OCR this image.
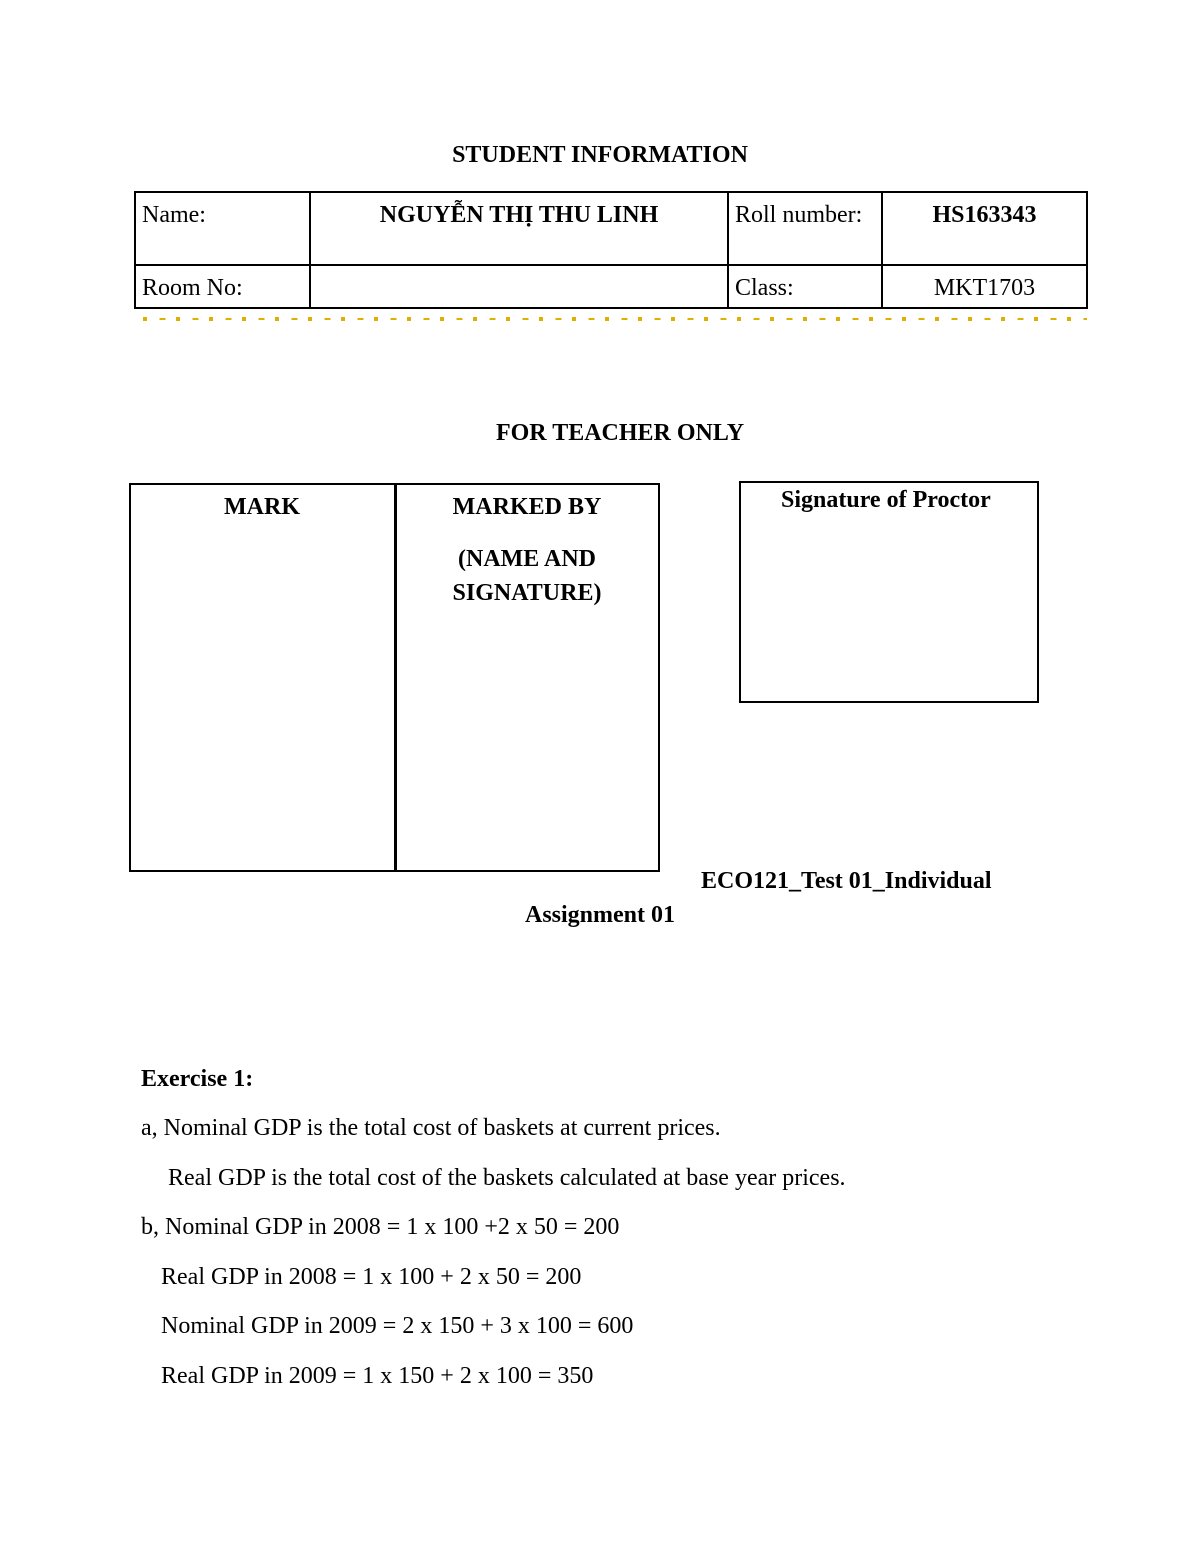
STUDENT INFORMATION
Name:	NGUYỄN THỊ THU LINH	Roll number:	HS163343
Room No:		Class:	MKT1703
FOR TEACHER ONLY
MARK	MARKED BY
(NAME AND SIGNATURE)
Signature of Proctor
ECO121_Test 01_Individual
Assignment 01
Exercise 1:
a, Nominal GDP is the total cost of baskets at current prices.
Real GDP is the total cost of the baskets calculated at base year prices.
b, Nominal GDP in 2008 = 1 x 100 +2 x 50 = 200
Real GDP in 2008 = 1 x 100 + 2 x 50 = 200
Nominal GDP in 2009 = 2 x 150 + 3 x 100 = 600
Real GDP in 2009 = 1 x 150 + 2 x 100 = 350
